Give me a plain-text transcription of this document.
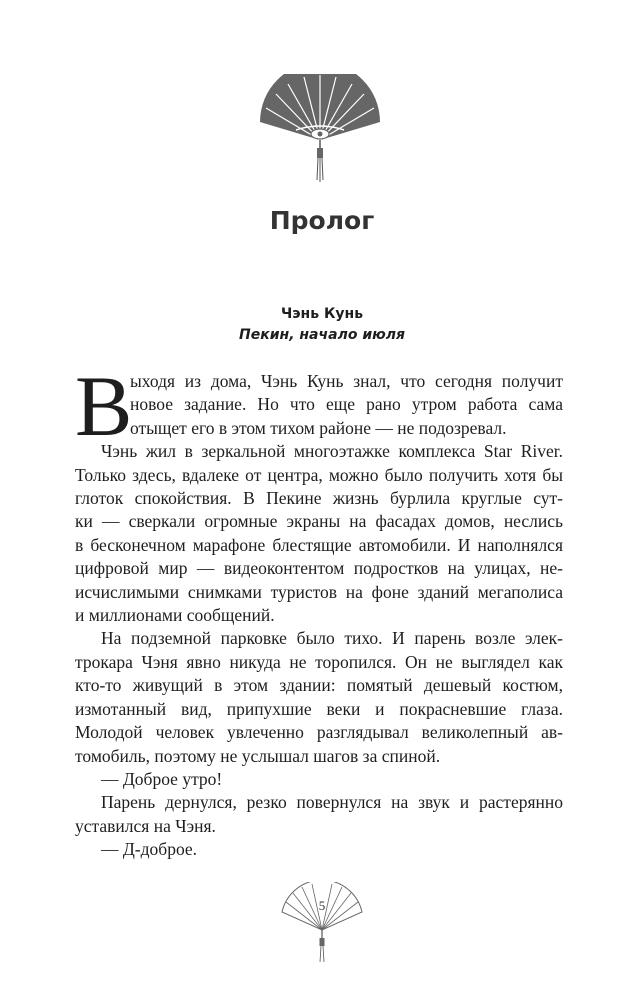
Пролог
Чэнь Кунь
Пекин, начало июля
В
ыходя из дома, Чэнь Кунь знал, что сегодня получит
новое задание. Но что еще рано утром работа сама
отыщет его в этом тихом районе — не подозревал.
Чэнь жил в зеркальной многоэтажке комплекса Star River.
Только здесь, вдалеке от центра, можно было получить хотя бы
глоток спокойствия. В Пекине жизнь бурлила круглые сут-
ки — сверкали огромные экраны на фасадах домов, неслись
в бесконечном марафоне блестящие автомобили. И наполнялся
цифровой мир — видеоконтентом подростков на улицах, не-
исчислимыми снимками туристов на фоне зданий мегаполиса
и миллионами сообщений.
На подземной парковке было тихо. И парень возле элек-
трокара Чэня явно никуда не торопился. Он не выглядел как
кто-то живущий в этом здании: помятый дешевый костюм,
измотанный вид, припухшие веки и покрасневшие глаза.
Молодой человек увлеченно разглядывал великолепный ав-
томобиль, поэтому не услышал шагов за спиной.
— Доброе утро!
Парень дернулся, резко повернулся на звук и растерянно
уставился на Чэня.
— Д-доброе.
5
